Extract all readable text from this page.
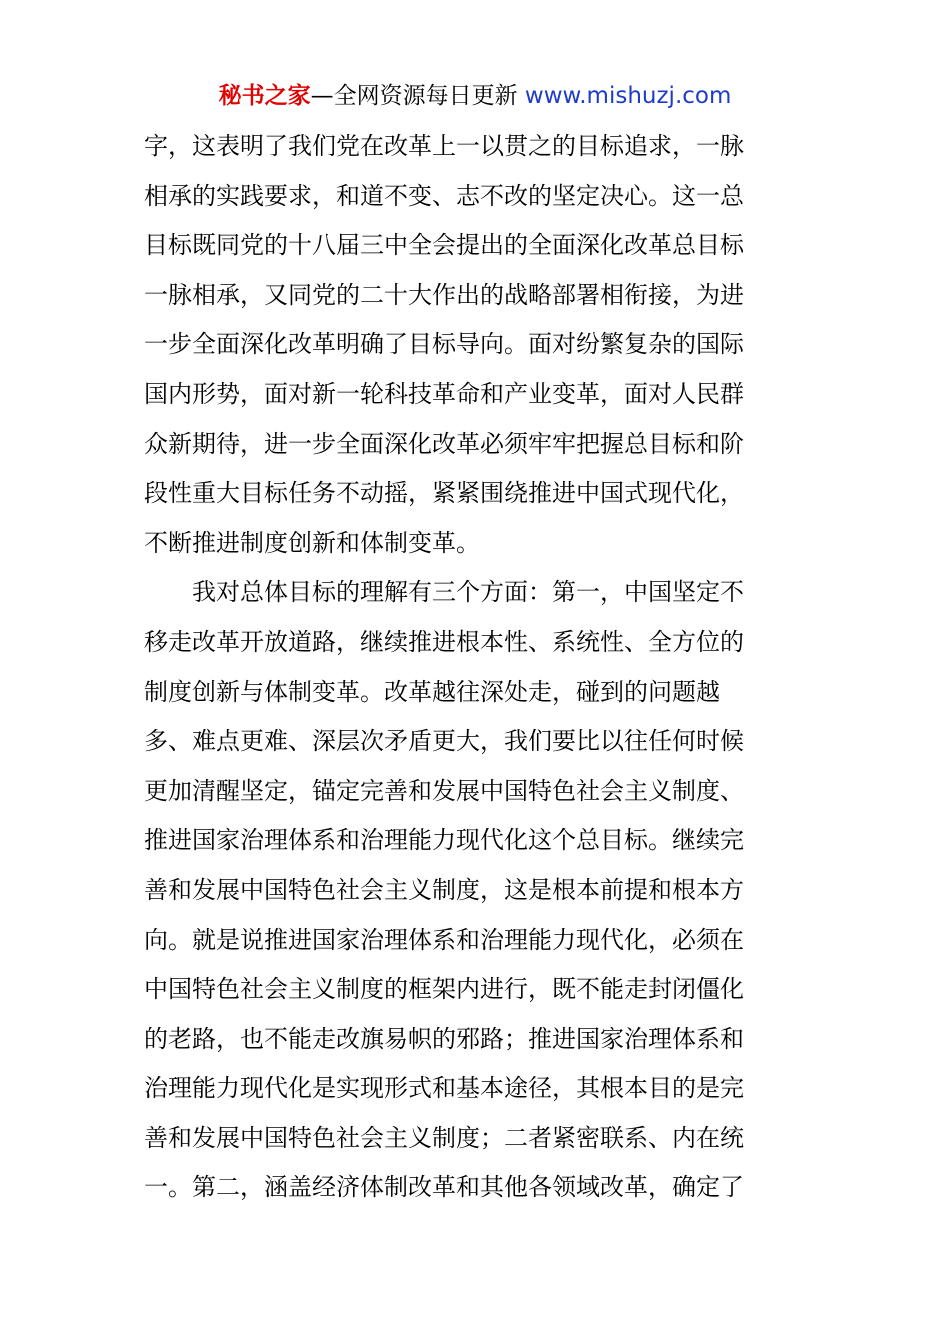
秘书之家—全网资源每日更新 www.mishuzj.com
字，这表明了我们党在改革上一以贯之的目标追求，一脉
相承的实践要求，和道不变、志不改的坚定决心。这一总
目标既同党的十八届三中全会提出的全面深化改革总目标
一脉相承，又同党的二十大作出的战略部署相衔接，为进
一步全面深化改革明确了目标导向。面对纷繁复杂的国际
国内形势，面对新一轮科技革命和产业变革，面对人民群
众新期待，进一步全面深化改革必须牢牢把握总目标和阶
段性重大目标任务不动摇，紧紧围绕推进中国式现代化，
不断推进制度创新和体制变革。
我对总体目标的理解有三个方面：第一，中国坚定不
移走改革开放道路，继续推进根本性、系统性、全方位的
制度创新与体制变革。改革越往深处走，碰到的问题越
多、难点更难、深层次矛盾更大，我们要比以往任何时候
更加清醒坚定，锚定完善和发展中国特色社会主义制度、
推进国家治理体系和治理能力现代化这个总目标。继续完
善和发展中国特色社会主义制度，这是根本前提和根本方
向。就是说推进国家治理体系和治理能力现代化，必须在
中国特色社会主义制度的框架内进行，既不能走封闭僵化
的老路，也不能走改旗易帜的邪路；推进国家治理体系和
治理能力现代化是实现形式和基本途径，其根本目的是完
善和发展中国特色社会主义制度；二者紧密联系、内在统
一。第二，涵盖经济体制改革和其他各领域改革，确定了
